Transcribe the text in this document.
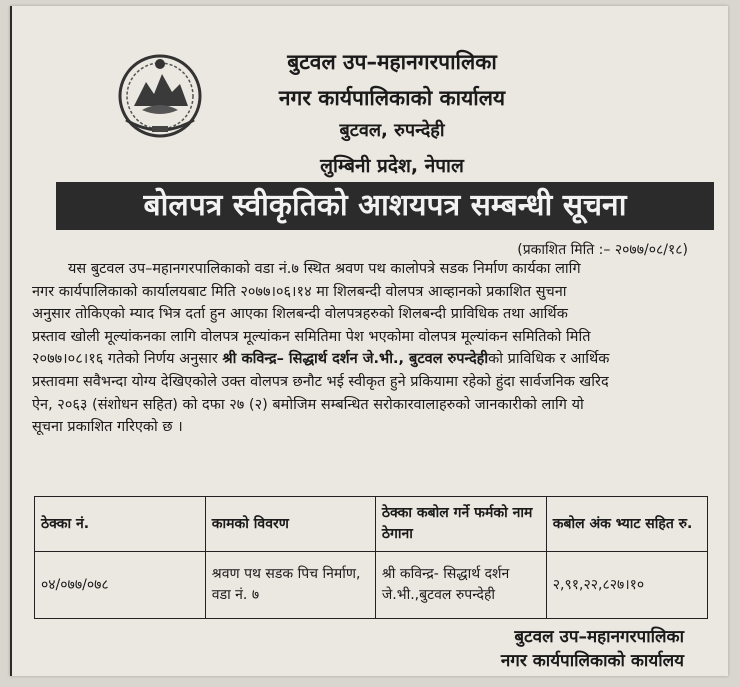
बुटवल उप–महानगरपालिका
नगर कार्यपालिकाको कार्यालय
बुटवल, रुपन्देही
लुम्बिनी प्रदेश, नेपाल
बोलपत्र स्वीकृतिको आशयपत्र सम्बन्धी सूचना
(प्रकाशित मिति :– २०७७/०८/१८)

यस बुटवल उप–महानगरपालिकाको वडा नं.७ स्थित श्रवण पथ कालोपत्रे सडक निर्माण कार्यका लागि

नगर कार्यपालिकाको कार्यालयबाट मिति २०७७।०६।१४ मा शिलबन्दी वोलपत्र आव्हानको प्रकाशित सुचना

अनुसार तोकिएको म्याद भित्र दर्ता हुन आएका शिलबन्दी वोलपत्रहरुको शिलबन्दी प्राविधिक तथा आर्थिक

प्रस्ताव खोली मूल्यांकनका लागि वोलपत्र मूल्यांकन समितिमा पेश भएकोमा वोलपत्र मूल्यांकन समितिको मिति

२०७७।०८।१६ गतेको निर्णय अनुसार श्री कविन्द्र– सिद्धार्थ दर्शन जे.भी., बुटवल रुपन्देहीको प्राविधिक र आर्थिक

प्रस्तावमा सवैभन्दा योग्य देखिएकोले उक्त वोलपत्र छनौट भई स्वीकृत हुने प्रकियामा रहेको हुंदा सार्वजनिक खरिद

ऐन, २०६३ (संशोधन सहित) को दफा २७ (२) बमोजिम सम्बन्धित सरोकारवालाहरुको जानकारीको लागि यो

सूचना प्रकाशित गरिएको छ ।

ठेक्का नं.	कामको विवरण	ठेक्का कबोल गर्ने फर्मको नाम ठेगाना	कबोल अंक भ्याट सहित रु.
०४/०७७/०७८	श्रवण पथ सडक पिच निर्माण, वडा नं. ७	श्री कविन्द्र- सिद्धार्थ दर्शन जे.भी.,बुटवल रुपन्देही	२,९१,२२,८२७।१०
बुटवल उप–महानगरपालिका
नगर कार्यपालिकाको कार्यालय
